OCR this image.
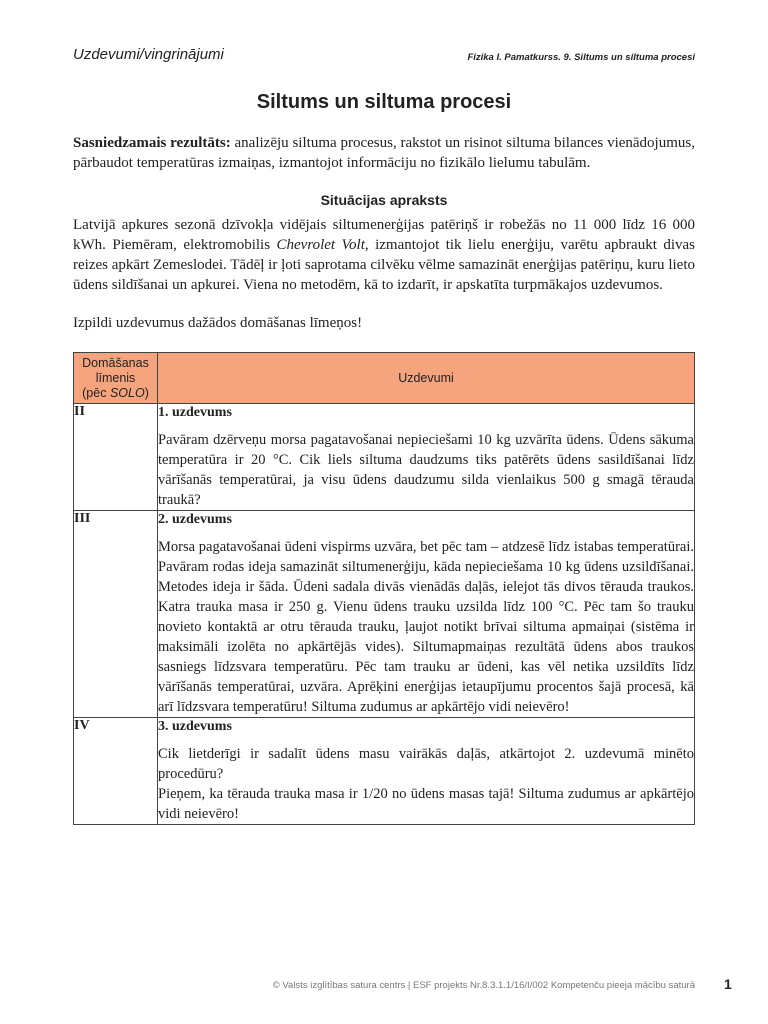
Uzdevumi/vingrinājumi	Fizika I. Pamatkurss. 9. Siltums un siltuma procesi
Siltums un siltuma procesi
Sasniedzamais rezultāts: analizēju siltuma procesus, rakstot un risinot siltuma bilances vienādojumus, pārbaudot temperatūras izmaiņas, izmantojot informāciju no fizikālo lielumu tabulām.
Situācijas apraksts
Latvijā apkures sezonā dzīvokļa vidējais siltumenerģijas patēriņš ir robežās no 11 000 līdz 16 000 kWh. Piemēram, elektromobilis Chevrolet Volt, izmantojot tik lielu enerģiju, varētu apbraukt divas reizes apkārt Zemeslodei. Tādēļ ir ļoti saprotama cilvēku vēlme samazināt enerģijas patēriņu, kuru lieto ūdens sildīšanai un apkurei. Viena no metodēm, kā to izdarīt, ir apskatīta turpmākajos uzdevumos.
Izpildi uzdevumus dažādos domāšanas līmeņos!
Domāšanas
līmenis
(pēc SOLO)	Uzdevumi
II	1. uzdevums
Pavāram dzērveņu morsa pagatavošanai nepieciešami 10 kg uzvārīta ūdens. Ūdens sākuma temperatūra ir 20 °C. Cik liels siltuma daudzums tiks patērēts ūdens sasildīšanai līdz vārīšanās temperatūrai, ja visu ūdens daudzumu silda vienlaikus 500 g smagā tērauda traukā?

III	2. uzdevums
Morsa pagatavošanai ūdeni vispirms uzvāra, bet pēc tam – atdzesē līdz istabas temperatūrai. Pavāram rodas ideja samazināt siltumenerģiju, kāda nepieciešama 10 kg ūdens uzsildīšanai. Metodes ideja ir šāda. Ūdeni sadala divās vienādās daļās, ielejot tās divos tērauda traukos. Katra trauka masa ir 250 g. Vienu ūdens trauku uzsilda līdz 100 °C. Pēc tam šo trauku novieto kontaktā ar otru tērauda trauku, ļaujot notikt brīvai siltuma apmaiņai (sistēma ir maksimāli izolēta no apkārtējās vides). Siltumapmaiņas rezultātā ūdens abos traukos sasniegs līdzsvara temperatūru. Pēc tam trauku ar ūdeni, kas vēl netika uzsildīts līdz vārīšanās temperatūrai, uzvāra. Aprēķini enerģijas ietaupījumu procentos šajā procesā, kā arī līdzsvara temperatūru! Siltuma zudumus ar apkārtējo vidi neievēro!

IV	3. uzdevums
Cik lietderīgi ir sadalīt ūdens masu vairākās daļās, atkārtojot 2. uzdevumā minēto procedūru?
Pieņem, ka tērauda trauka masa ir 1/20 no ūdens masas tajā! Siltuma zudumus ar apkārtējo vidi neievēro!
© Valsts izglītības satura centrs | ESF projekts Nr.8.3.1.1/16/I/002 Kompetenču pieeja mācību saturā 1
